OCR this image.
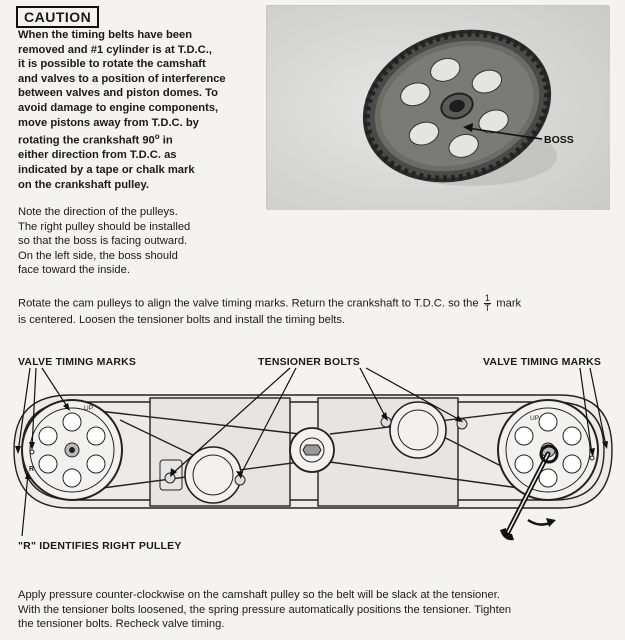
CAUTION
When the timing belts have been
removed and #1 cylinder is at T.D.C.,
it is possible to rotate the camshaft
and valves to a position of interference
between valves and piston domes. To
avoid damage to engine components,
move pistons away from T.D.C. by
rotating the crankshaft 90$^o$ in
either direction from T.D.C. as
indicated by a tape or chalk mark
on the crankshaft pulley.
Note the direction of the pulleys.
The right pulley should be installed
so that the boss is facing outward.
On the left side, the boss should
face toward the inside.
BOSS
Rotate the cam pulleys to align the valve timing marks. Return the crankshaft to T.D.C. so the $\frac{1}{T}$ mark
is centered. Loosen the tensioner bolts and install the timing belts.
VALVE TIMING MARKS	TENSIONER BOLTS	VALVE TIMING MARKS
"R" IDENTIFIES RIGHT PULLEY
UP
R
UP
Apply pressure counter-clockwise on the camshaft pulley so the belt will be slack at the tensioner.
With the tensioner bolts loosened, the spring pressure automatically positions the tensioner. Tighten
the tensioner bolts. Recheck valve timing.
